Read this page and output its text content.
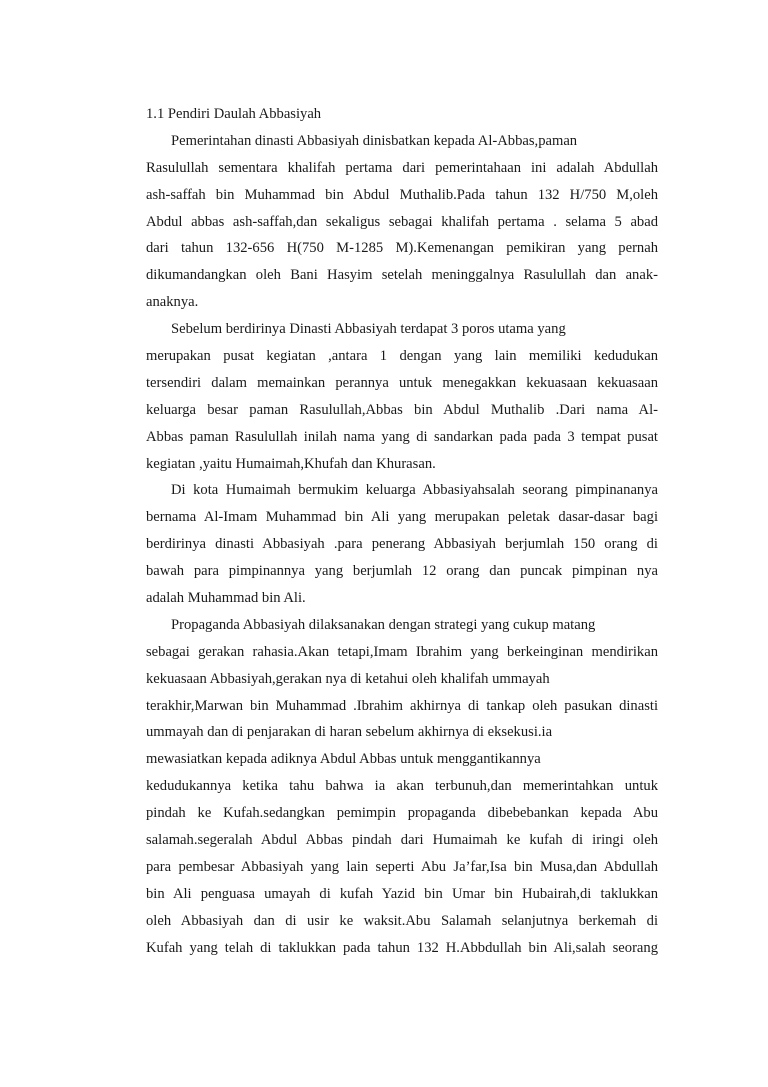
1.1 Pendiri Daulah Abbasiyah
Pemerintahan dinasti Abbasiyah dinisbatkan kepada Al-Abbas,paman
Rasulullah sementara khalifah pertama dari pemerintahaan ini adalah Abdullah
ash-saffah bin Muhammad bin Abdul Muthalib.Pada tahun 132 H/750 M,oleh
Abdul abbas ash-saffah,dan sekaligus sebagai khalifah pertama . selama 5 abad
dari tahun 132-656 H(750 M-1285 M).Kemenangan pemikiran yang pernah
dikumandangkan oleh Bani Hasyim setelah meninggalnya Rasulullah dan anak-
anaknya.
Sebelum berdirinya Dinasti Abbasiyah terdapat 3 poros utama yang
merupakan pusat kegiatan ,antara 1 dengan yang lain memiliki kedudukan
tersendiri dalam memainkan perannya untuk menegakkan kekuasaan kekuasaan
keluarga besar paman Rasulullah,Abbas bin Abdul Muthalib .Dari nama Al-
Abbas paman Rasulullah inilah nama yang di sandarkan pada pada 3 tempat pusat
kegiatan ,yaitu Humaimah,Khufah dan Khurasan.
Di kota Humaimah bermukim keluarga Abbasiyahsalah seorang pimpinananya
bernama Al-Imam Muhammad bin Ali yang merupakan peletak dasar-dasar bagi
berdirinya dinasti Abbasiyah .para penerang Abbasiyah berjumlah 150 orang di
bawah para pimpinannya yang berjumlah 12 orang dan puncak pimpinan nya
adalah Muhammad bin Ali.
Propaganda Abbasiyah dilaksanakan dengan strategi yang cukup matang
sebagai gerakan rahasia.Akan tetapi,Imam Ibrahim yang berkeinginan mendirikan
kekuasaan Abbasiyah,gerakan nya di ketahui oleh khalifah ummayah
terakhir,Marwan bin Muhammad .Ibrahim akhirnya di tankap oleh pasukan dinasti
ummayah dan di penjarakan di haran sebelum akhirnya di eksekusi.ia
mewasiatkan kepada adiknya Abdul Abbas untuk menggantikannya
kedudukannya ketika tahu bahwa ia akan terbunuh,dan memerintahkan untuk
pindah ke Kufah.sedangkan pemimpin propaganda dibebebankan kepada Abu
salamah.segeralah Abdul Abbas pindah dari Humaimah ke kufah di iringi oleh
para pembesar Abbasiyah yang lain seperti Abu Ja’far,Isa bin Musa,dan Abdullah
bin Ali penguasa umayah di kufah Yazid bin Umar bin Hubairah,di taklukkan
oleh Abbasiyah dan di usir ke waksit.Abu Salamah selanjutnya berkemah di
Kufah yang telah di taklukkan pada tahun 132 H.Abbdullah bin Ali,salah seorang
